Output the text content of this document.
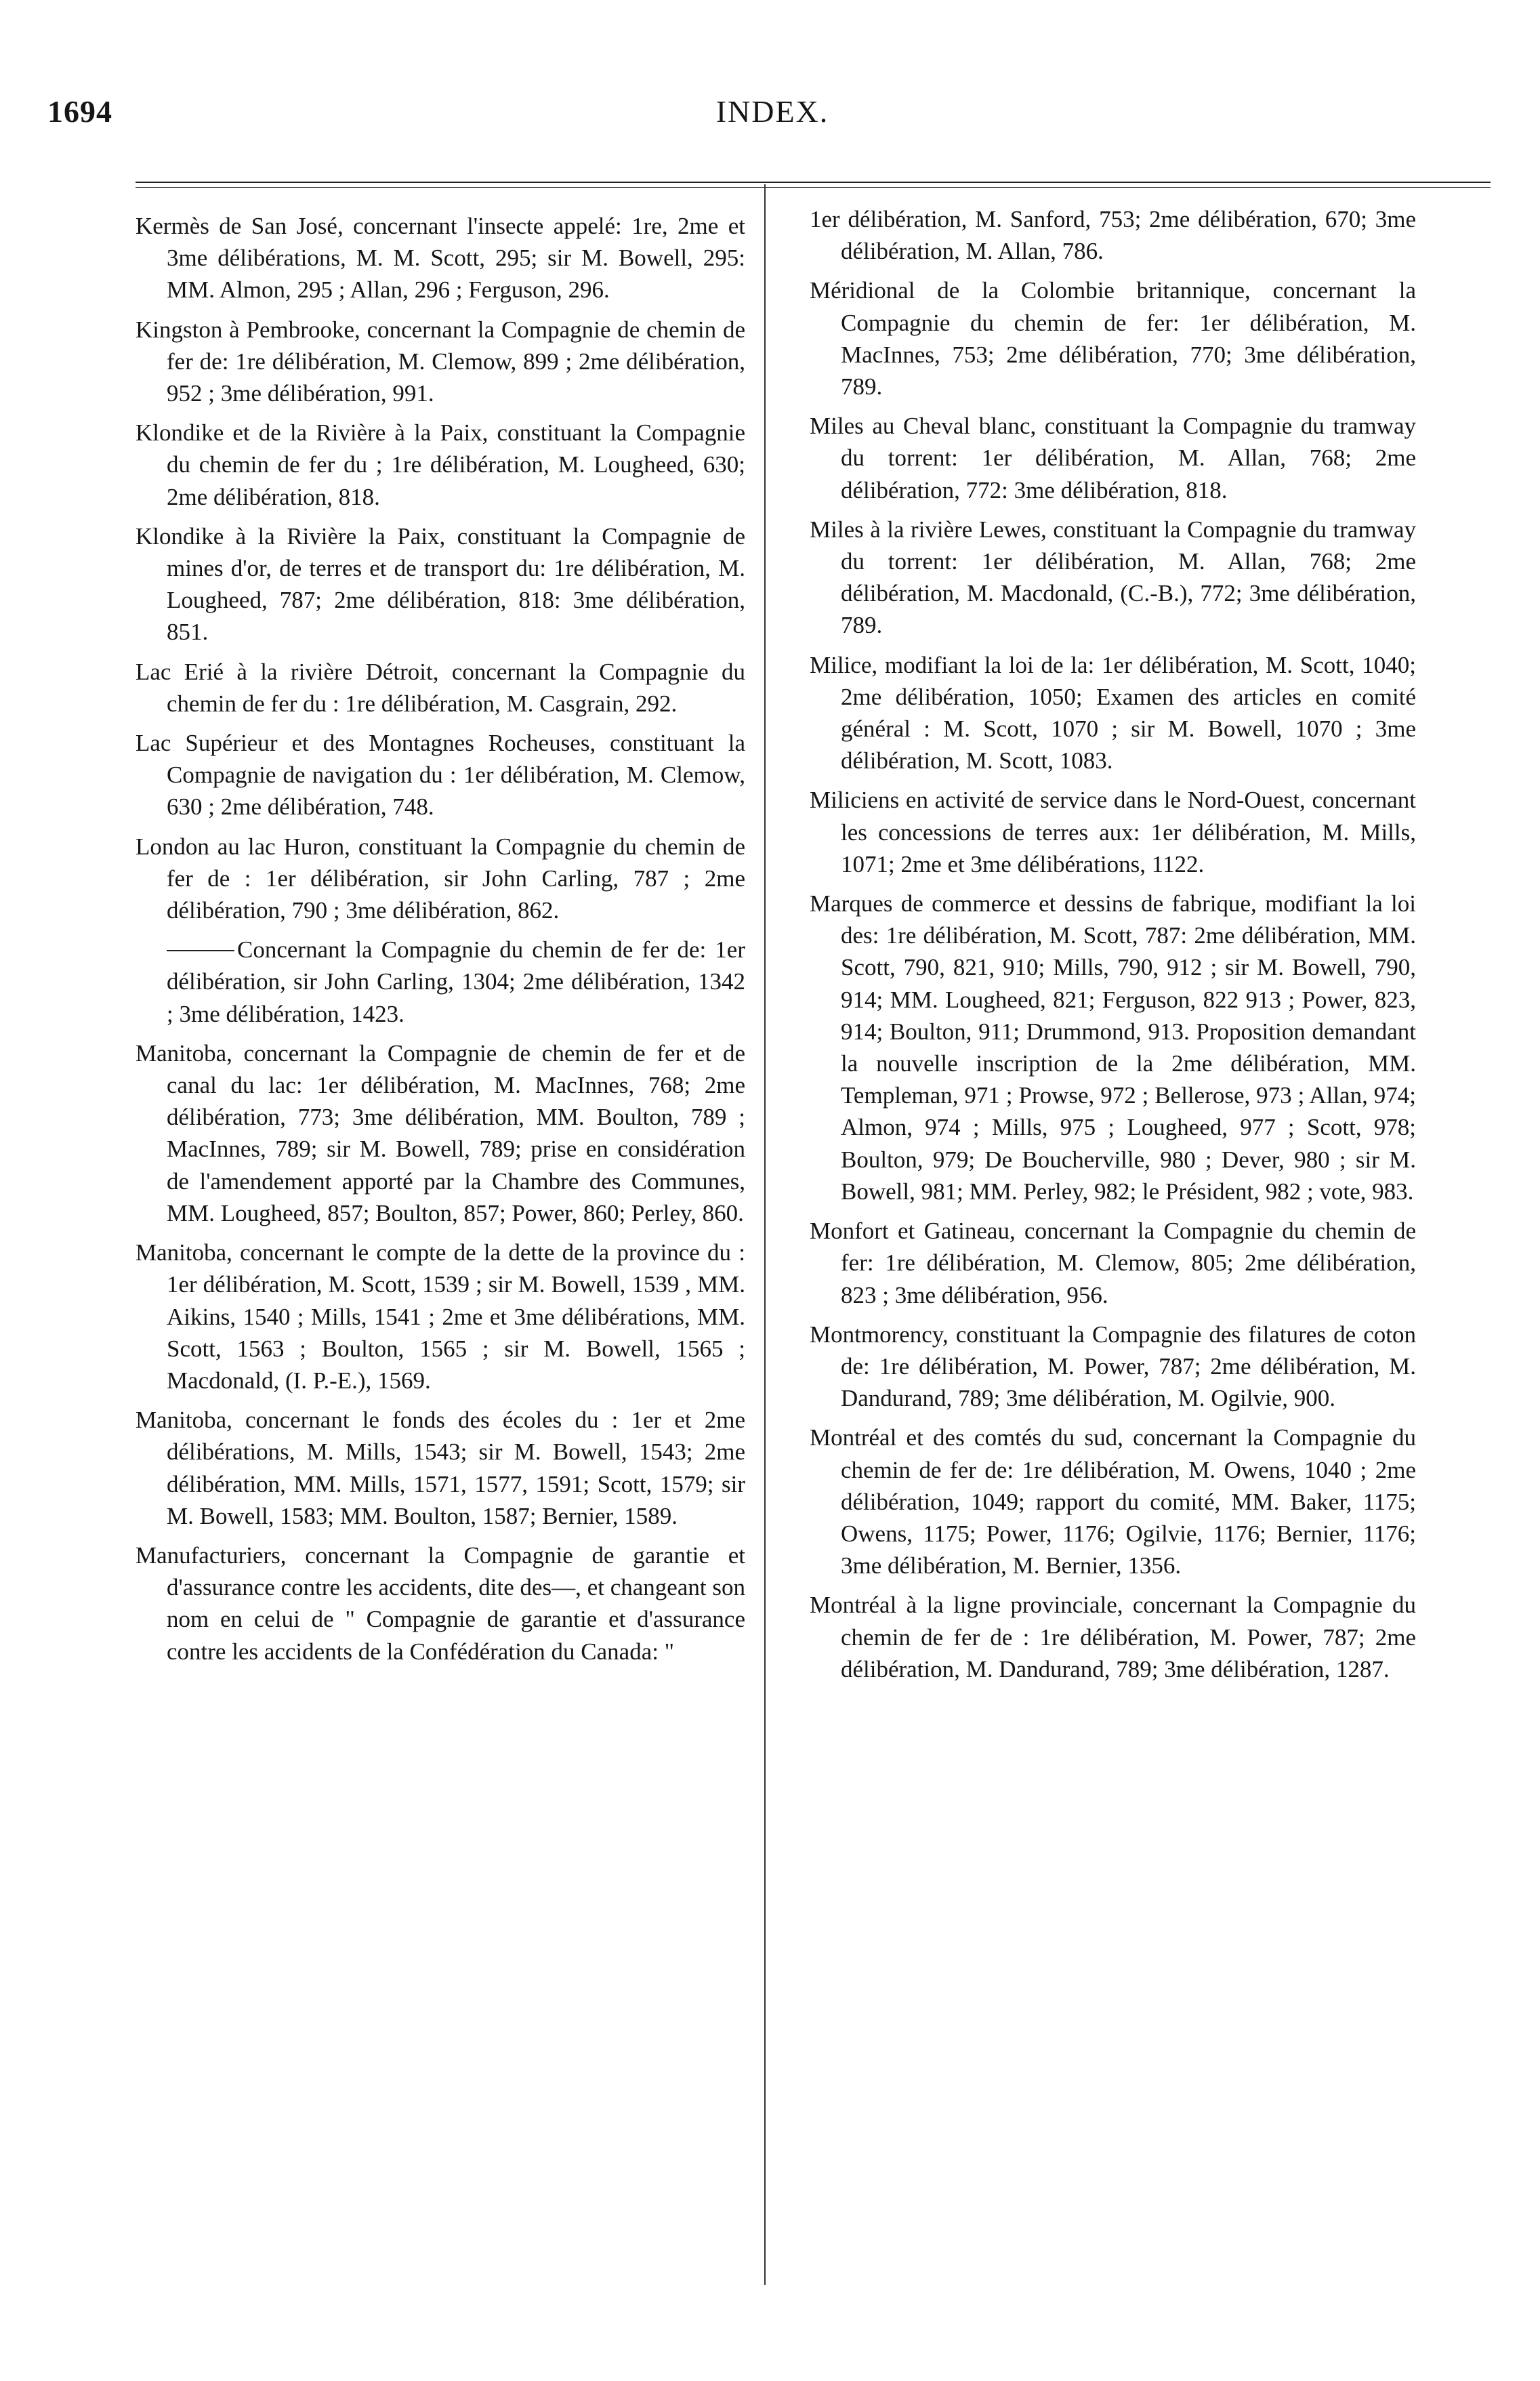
1694	INDEX.

Kermès de San José, concernant l'insecte appelé: 1re, 2me et 3me délibérations, M. M. Scott, 295; sir M. Bowell, 295: MM. Almon, 295 ; Allan, 296 ; Ferguson, 296.

Kingston à Pembrooke, concernant la Compagnie de chemin de fer de: 1re délibération, M. Clemow, 899 ; 2me délibération, 952 ; 3me délibération, 991.

Klondike et de la Rivière à la Paix, constituant la Compagnie du chemin de fer du ; 1re délibération, M. Lougheed, 630; 2me délibération, 818.

Klondike à la Rivière la Paix, constituant la Compagnie de mines d'or, de terres et de transport du: 1re délibération, M. Lougheed, 787; 2me délibération, 818: 3me délibération, 851.

Lac Erié à la rivière Détroit, concernant la Compagnie du chemin de fer du : 1re délibération, M. Casgrain, 292.

Lac Supérieur et des Montagnes Rocheuses, constituant la Compagnie de navigation du : 1er délibération, M. Clemow, 630 ; 2me délibération, 748.

London au lac Huron, constituant la Compagnie du chemin de fer de : 1er délibération, sir John Carling, 787 ; 2me délibération, 790 ; 3me délibération, 862.

Concernant la Compagnie du chemin de fer de: 1er délibération, sir John Carling, 1304; 2me délibération, 1342 ; 3me délibération, 1423.

Manitoba, concernant la Compagnie de chemin de fer et de canal du lac: 1er délibération, M. MacInnes, 768; 2me délibération, 773; 3me délibération, MM. Boulton, 789 ; MacInnes, 789; sir M. Bowell, 789; prise en considération de l'amendement apporté par la Chambre des Communes, MM. Lougheed, 857; Boulton, 857; Power, 860; Perley, 860.

Manitoba, concernant le compte de la dette de la province du : 1er délibération, M. Scott, 1539 ; sir M. Bowell, 1539 , MM. Aikins, 1540 ; Mills, 1541 ; 2me et 3me délibérations, MM. Scott, 1563 ; Boulton, 1565 ; sir M. Bowell, 1565 ; Macdonald, (I. P.-E.), 1569.

Manitoba, concernant le fonds des écoles du : 1er et 2me délibérations, M. Mills, 1543; sir M. Bowell, 1543; 2me délibération, MM. Mills, 1571, 1577, 1591; Scott, 1579; sir M. Bowell, 1583; MM. Boulton, 1587; Bernier, 1589.

Manufacturiers, concernant la Compagnie de garantie et d'assurance contre les accidents, dite des—, et changeant son nom en celui de " Compagnie de garantie et d'assurance contre les accidents de la Confédération du Canada: "

1er délibération, M. Sanford, 753; 2me délibération, 670; 3me délibération, M. Allan, 786.

Méridional de la Colombie britannique, concernant la Compagnie du chemin de fer: 1er délibération, M. MacInnes, 753; 2me délibération, 770; 3me délibération, 789.

Miles au Cheval blanc, constituant la Compagnie du tramway du torrent: 1er délibération, M. Allan, 768; 2me délibération, 772: 3me délibération, 818.

Miles à la rivière Lewes, constituant la Compagnie du tramway du torrent: 1er délibération, M. Allan, 768; 2me délibération, M. Macdonald, (C.-B.), 772; 3me délibération, 789.

Milice, modifiant la loi de la: 1er délibération, M. Scott, 1040; 2me délibération, 1050; Examen des articles en comité général : M. Scott, 1070 ; sir M. Bowell, 1070 ; 3me délibération, M. Scott, 1083.

Miliciens en activité de service dans le Nord-Ouest, concernant les concessions de terres aux: 1er délibération, M. Mills, 1071; 2me et 3me délibérations, 1122.

Marques de commerce et dessins de fabrique, modifiant la loi des: 1re délibération, M. Scott, 787: 2me délibération, MM. Scott, 790, 821, 910; Mills, 790, 912 ; sir M. Bowell, 790, 914; MM. Lougheed, 821; Ferguson, 822 913 ; Power, 823, 914; Boulton, 911; Drummond, 913. Proposition demandant la nouvelle inscription de la 2me délibération, MM. Templeman, 971 ; Prowse, 972 ; Bellerose, 973 ; Allan, 974; Almon, 974 ; Mills, 975 ; Lougheed, 977 ; Scott, 978; Boulton, 979; De Boucherville, 980 ; Dever, 980 ; sir M. Bowell, 981; MM. Perley, 982; le Président, 982 ; vote, 983.

Monfort et Gatineau, concernant la Compagnie du chemin de fer: 1re délibération, M. Clemow, 805; 2me délibération, 823 ; 3me délibération, 956.

Montmorency, constituant la Compagnie des filatures de coton de: 1re délibération, M. Power, 787; 2me délibération, M. Dandurand, 789; 3me délibération, M. Ogilvie, 900.

Montréal et des comtés du sud, concernant la Compagnie du chemin de fer de: 1re délibération, M. Owens, 1040 ; 2me délibération, 1049; rapport du comité, MM. Baker, 1175; Owens, 1175; Power, 1176; Ogilvie, 1176; Bernier, 1176; 3me délibération, M. Bernier, 1356.

Montréal à la ligne provinciale, concernant la Compagnie du chemin de fer de : 1re délibération, M. Power, 787; 2me délibération, M. Dandurand, 789; 3me délibération, 1287.
